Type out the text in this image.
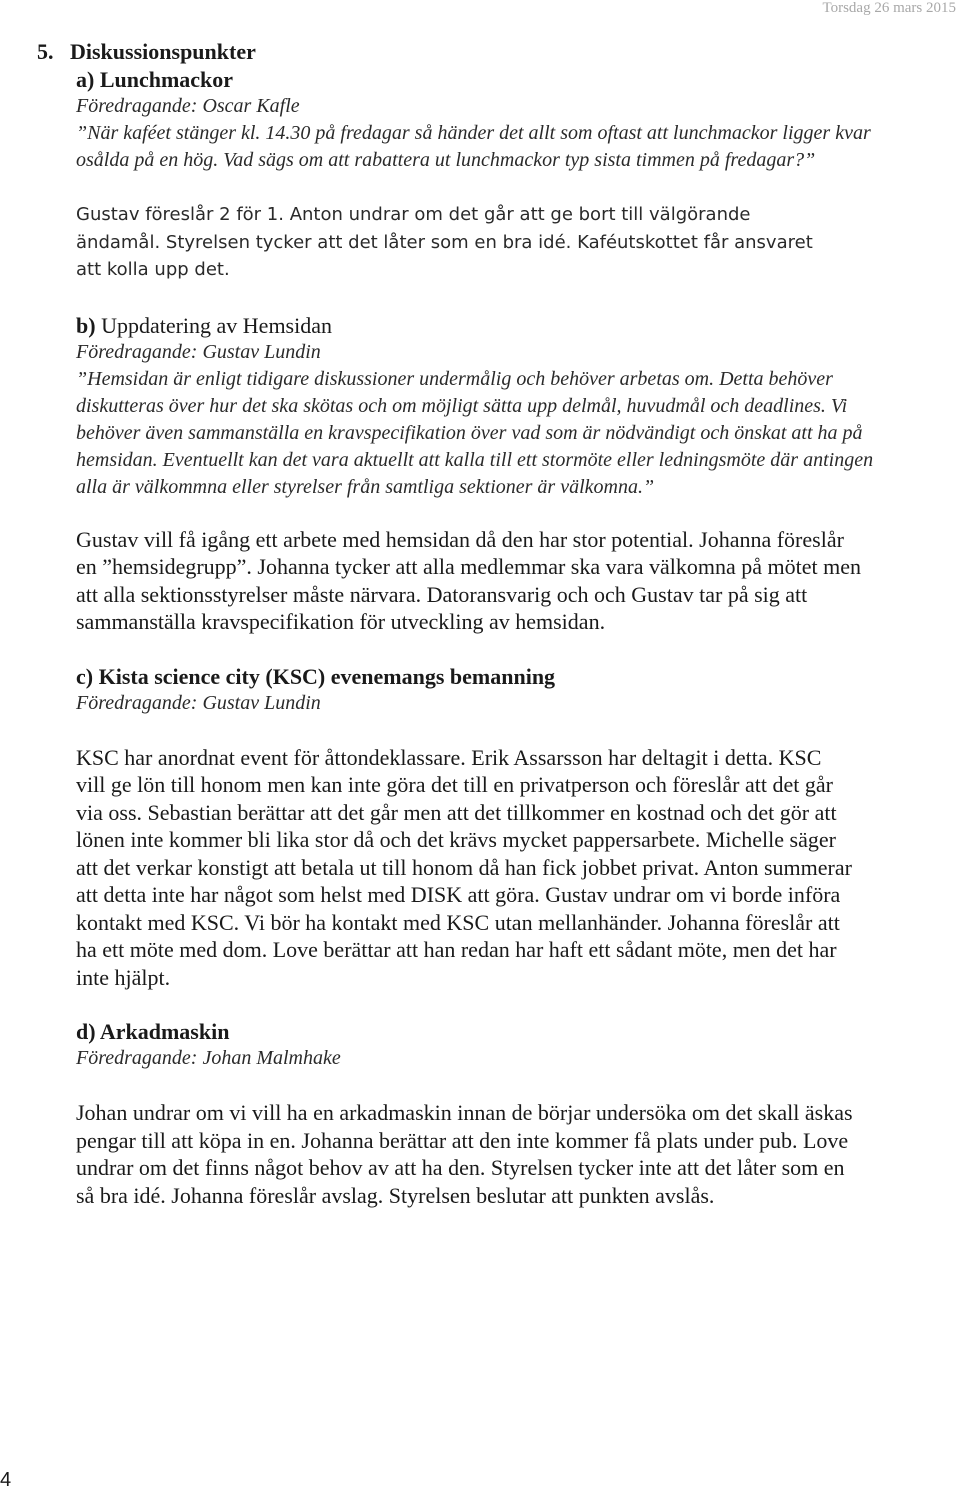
Torsdag 26 mars 2015
5.   Diskussionspunkter

a) Lunchmackor

Föredragande: Oscar Kafle

”När kaféet stänger kl. 14.30 på fredagar så händer det allt som oftast att lunchmackor ligger kvar osålda på en hög. Vad sägs om att rabattera ut lunchmackor typ sista timmen på fredagar?”

Gustav föreslår 2 för 1. Anton undrar om det går att ge bort till välgörande ändamål. Styrelsen tycker att det låter som en bra idé. Kaféutskottet får ansvaret att kolla upp det.

b) Uppdatering av Hemsidan

Föredragande: Gustav Lundin

”Hemsidan är enligt tidigare diskussioner undermålig och behöver arbetas om. Detta behöver diskutteras över hur det ska skötas och om möjligt sätta upp delmål, huvudmål och deadlines. Vi behöver även sammanställa en kravspecifikation över vad som är nödvändigt och önskat att ha på hemsidan. Eventuellt kan det vara aktuellt att kalla till ett stormöte eller ledningsmöte där antingen alla är välkommna eller styrelser från samtliga sektioner är välkomna.”

Gustav vill få igång ett arbete med hemsidan då den har stor potential. Johanna föreslår en ”hemsidegrupp”. Johanna tycker att alla medlemmar ska vara välkomna på mötet men att alla sektionsstyrelser måste närvara. Datoransvarig och och Gustav tar på sig att sammanställa kravspecifikation för utveckling av hemsidan.

c) Kista science city (KSC) evenemangs bemanning

Föredragande: Gustav Lundin

KSC har anordnat event för åttondeklassare. Erik Assarsson har deltagit i detta. KSC vill ge lön till honom men kan inte göra det till en privatperson och föreslår att det går via oss. Sebastian berättar att det går men att det tillkommer en kostnad och det gör att lönen inte kommer bli lika stor då och det krävs mycket pappersarbete. Michelle säger att det verkar konstigt att betala ut till honom då han fick jobbet privat. Anton summerar att detta inte har något som helst med DISK att göra. Gustav undrar om vi borde införa kontakt med KSC. Vi bör ha kontakt med KSC utan mellanhänder. Johanna föreslår att ha ett möte med dom. Love berättar att han redan har haft ett sådant möte, men det har inte hjälpt.

d) Arkadmaskin

Föredragande: Johan Malmhake

Johan undrar om vi vill ha en arkadmaskin innan de börjar undersöka om det skall äskas pengar till att köpa in en. Johanna berättar att den inte kommer få plats under pub. Love undrar om det finns något behov av att ha den. Styrelsen tycker inte att det låter som en så bra idé. Johanna föreslår avslag. Styrelsen beslutar att punkten avslås.

4
